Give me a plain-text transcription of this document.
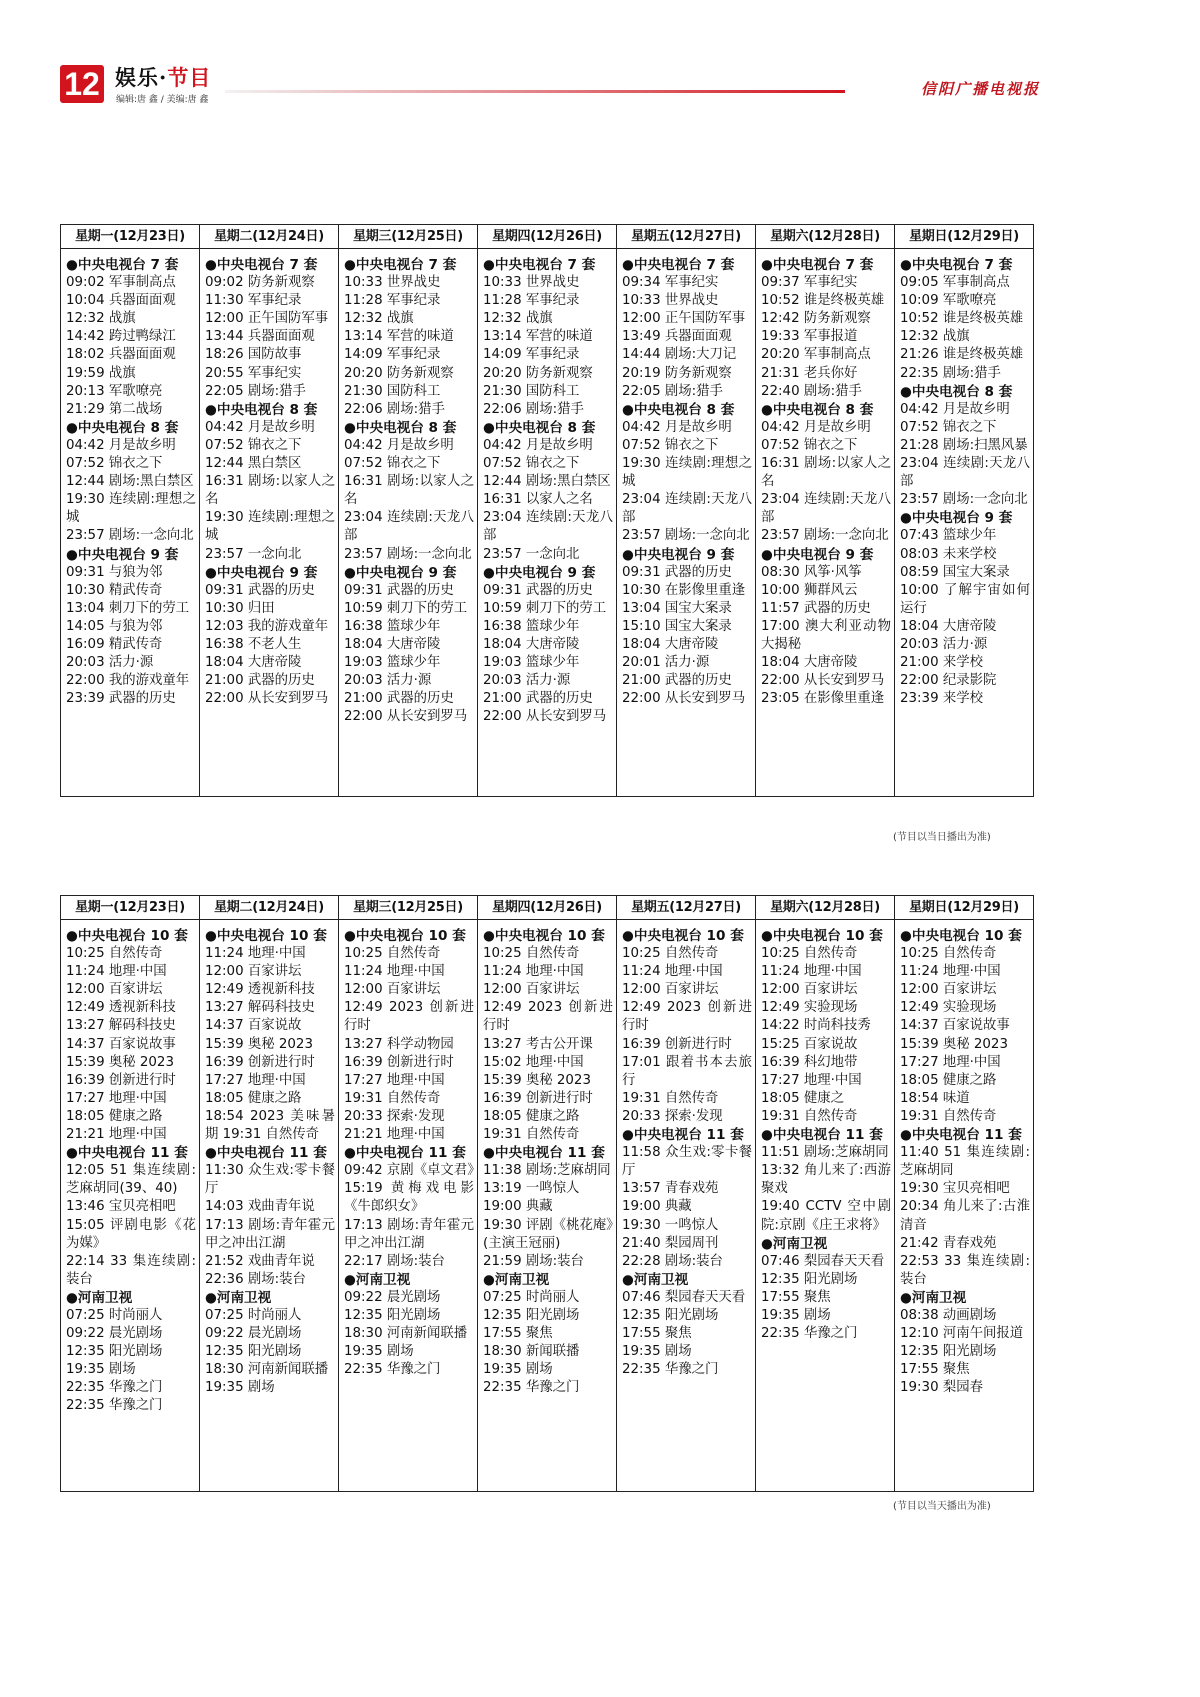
12 娱乐·节目
编辑:唐 鑫 / 美编:唐 鑫
信阳广播电视报
星期一(12月23日)
●中央电视台 7 套
09:02 军事制高点
10:04 兵器面面观
12:32 战旗
14:42 跨过鸭绿江
18:02 兵器面面观
19:59 战旗
20:13 军歌嘹亮
21:29 第二战场
●中央电视台 8 套
04:42 月是故乡明
07:52 锦衣之下
12:44 剧场:黑白禁区
19:30 连续剧:理想之城
23:57 剧场:一念向北
●中央电视台 9 套
09:31 与狼为邻
10:30 精武传奇
13:04 刺刀下的劳工
14:05 与狼为邻
16:09 精武传奇
20:03 活力·源
22:00 我的游戏童年
23:39 武器的历史
星期二(12月24日)
●中央电视台 7 套
09:02 防务新观察
11:30 军事纪录
12:00 正午国防军事
13:44 兵器面面观
18:26 国防故事
20:55 军事纪实
22:05 剧场:猎手
●中央电视台 8 套
04:42 月是故乡明
07:52 锦衣之下
12:44 黑白禁区
16:31 剧场:以家人之名
19:30 连续剧:理想之城
23:57 一念向北
●中央电视台 9 套
09:31 武器的历史
10:30 归田
12:03 我的游戏童年
16:38 不老人生
18:04 大唐帝陵
21:00 武器的历史
22:00 从长安到罗马
星期三(12月25日)
●中央电视台 7 套
10:33 世界战史
11:28 军事纪录
12:32 战旗
13:14 军营的味道
14:09 军事纪录
20:20 防务新观察
21:30 国防科工
22:06 剧场:猎手
●中央电视台 8 套
04:42 月是故乡明
07:52 锦衣之下
16:31 剧场:以家人之名
23:04 连续剧:天龙八部
23:57 剧场:一念向北
●中央电视台 9 套
09:31 武器的历史
10:59 刺刀下的劳工
16:38 篮球少年
18:04 大唐帝陵
19:03 篮球少年
20:03 活力·源
21:00 武器的历史
22:00 从长安到罗马
星期四(12月26日)
●中央电视台 7 套
10:33 世界战史
11:28 军事纪录
12:32 战旗
13:14 军营的味道
14:09 军事纪录
20:20 防务新观察
21:30 国防科工
22:06 剧场:猎手
●中央电视台 8 套
04:42 月是故乡明
07:52 锦衣之下
12:44 剧场:黑白禁区
16:31 以家人之名
23:04 连续剧:天龙八部
23:57 一念向北
●中央电视台 9 套
09:31 武器的历史
10:59 刺刀下的劳工
16:38 篮球少年
18:04 大唐帝陵
19:03 篮球少年
20:03 活力·源
21:00 武器的历史
22:00 从长安到罗马
星期五(12月27日)
●中央电视台 7 套
09:34 军事纪实
10:33 世界战史
12:00 正午国防军事
13:49 兵器面面观
14:44 剧场:大刀记
20:19 防务新观察
22:05 剧场:猎手
●中央电视台 8 套
04:42 月是故乡明
07:52 锦衣之下
19:30 连续剧:理想之城
23:04 连续剧:天龙八部
23:57 剧场:一念向北
●中央电视台 9 套
09:31 武器的历史
10:30 在影像里重逢
13:04 国宝大案录
15:10 国宝大案录
18:04 大唐帝陵
20:01 活力·源
21:00 武器的历史
22:00 从长安到罗马
星期六(12月28日)
●中央电视台 7 套
09:37 军事纪实
10:52 谁是终极英雄
12:42 防务新观察
19:33 军事报道
20:20 军事制高点
21:31 老兵你好
22:40 剧场:猎手
●中央电视台 8 套
04:42 月是故乡明
07:52 锦衣之下
16:31 剧场:以家人之名
23:04 连续剧:天龙八部
23:57 剧场:一念向北
●中央电视台 9 套
08:30 风筝·风筝
10:00 狮群风云
11:57 武器的历史
17:00 澳大利亚动物大揭秘
18:04 大唐帝陵
22:00 从长安到罗马
23:05 在影像里重逢
星期日(12月29日)
●中央电视台 7 套
09:05 军事制高点
10:09 军歌嘹亮
10:52 谁是终极英雄
12:32 战旗
21:26 谁是终极英雄
22:35 剧场:猎手
●中央电视台 8 套
04:42 月是故乡明
07:52 锦衣之下
21:28 剧场:扫黑风暴
23:04 连续剧:天龙八部
23:57 剧场:一念向北
●中央电视台 9 套
07:43 篮球少年
08:03 未来学校
08:59 国宝大案录
10:00 了解宇宙如何运行
18:04 大唐帝陵
20:03 活力·源
21:00 来学校
22:00 纪录影院
23:39 来学校
(节目以当日播出为准)
星期一(12月23日)
●中央电视台 10 套
10:25 自然传奇
11:24 地理·中国
12:00 百家讲坛
12:49 透视新科技
13:27 解码科技史
14:37 百家说故事
15:39 奥秘 2023
16:39 创新进行时
17:27 地理·中国
18:05 健康之路
21:21 地理·中国
●中央电视台 11 套
12:05 51 集连续剧:芝麻胡同(39、40)
13:46 宝贝亮相吧
15:05 评剧电影《花为媒》
22:14 33 集连续剧:装台
●河南卫视
07:25 时尚丽人
09:22 晨光剧场
12:35 阳光剧场
19:35 剧场
22:35 华豫之门
22:35 华豫之门
星期二(12月24日)
●中央电视台 10 套
11:24 地理·中国
12:00 百家讲坛
12:49 透视新科技
13:27 解码科技史
14:37 百家说故
15:39 奥秘 2023
16:39 创新进行时
17:27 地理·中国
18:05 健康之路
18:54 2023 美味暑期 19:31 自然传奇
●中央电视台 11 套
11:30 众生戏:零卡餐厅
14:03 戏曲青年说
17:13 剧场:青年霍元甲之冲出江湖
21:52 戏曲青年说
22:36 剧场:装台
●河南卫视
07:25 时尚丽人
09:22 晨光剧场
12:35 阳光剧场
18:30 河南新闻联播
19:35 剧场
星期三(12月25日)
●中央电视台 10 套
10:25 自然传奇
11:24 地理·中国
12:00 百家讲坛
12:49 2023 创新进行时
13:27 科学动物园
16:39 创新进行时
17:27 地理·中国
19:31 自然传奇
20:33 探索·发现
21:21 地理·中国
●中央电视台 11 套
09:42 京剧《卓文君》
15:19 黄梅戏电影《牛郎织女》
17:13 剧场:青年霍元甲之冲出江湖
22:17 剧场:装台
●河南卫视
09:22 晨光剧场
12:35 阳光剧场
18:30 河南新闻联播
19:35 剧场
22:35 华豫之门
星期四(12月26日)
●中央电视台 10 套
10:25 自然传奇
11:24 地理·中国
12:00 百家讲坛
12:49 2023 创新进行时
13:27 考古公开课
15:02 地理·中国
15:39 奥秘 2023
16:39 创新进行时
18:05 健康之路
19:31 自然传奇
●中央电视台 11 套
11:38 剧场:芝麻胡同
13:19 一鸣惊人
19:00 典藏
19:30 评剧《桃花庵》(主演王冠丽)
21:59 剧场:装台
●河南卫视
07:25 时尚丽人
12:35 阳光剧场
17:55 聚焦
18:30 新闻联播
19:35 剧场
22:35 华豫之门
星期五(12月27日)
●中央电视台 10 套
10:25 自然传奇
11:24 地理·中国
12:00 百家讲坛
12:49 2023 创新进行时
16:39 创新进行时
17:01 跟着书本去旅行
19:31 自然传奇
20:33 探索·发现
●中央电视台 11 套
11:58 众生戏:零卡餐厅
13:57 青春戏苑
19:00 典藏
19:30 一鸣惊人
21:40 梨园周刊
22:28 剧场:装台
●河南卫视
07:46 梨园春天天看
12:35 阳光剧场
17:55 聚焦
19:35 剧场
22:35 华豫之门
星期六(12月28日)
●中央电视台 10 套
10:25 自然传奇
11:24 地理·中国
12:00 百家讲坛
12:49 实验现场
14:22 时尚科技秀
15:25 百家说故
16:39 科幻地带
17:27 地理·中国
18:05 健康之
19:31 自然传奇
●中央电视台 11 套
11:51 剧场:芝麻胡同
13:32 角儿来了:西游聚戏
19:40 CCTV 空中剧院:京剧《庄王求将》
●河南卫视
07:46 梨园春天天看
12:35 阳光剧场
17:55 聚焦
19:35 剧场
22:35 华豫之门
星期日(12月29日)
●中央电视台 10 套
10:25 自然传奇
11:24 地理·中国
12:00 百家讲坛
12:49 实验现场
14:37 百家说故事
15:39 奥秘 2023
17:27 地理·中国
18:05 健康之路
18:54 味道
19:31 自然传奇
●中央电视台 11 套
11:40 51 集连续剧:芝麻胡同
19:30 宝贝亮相吧
20:34 角儿来了:古淮清音
21:42 青春戏苑
22:53 33 集连续剧:装台
●河南卫视
08:38 动画剧场
12:10 河南午间报道
12:35 阳光剧场
17:55 聚焦
19:30 梨园春
(节目以当天播出为准)
